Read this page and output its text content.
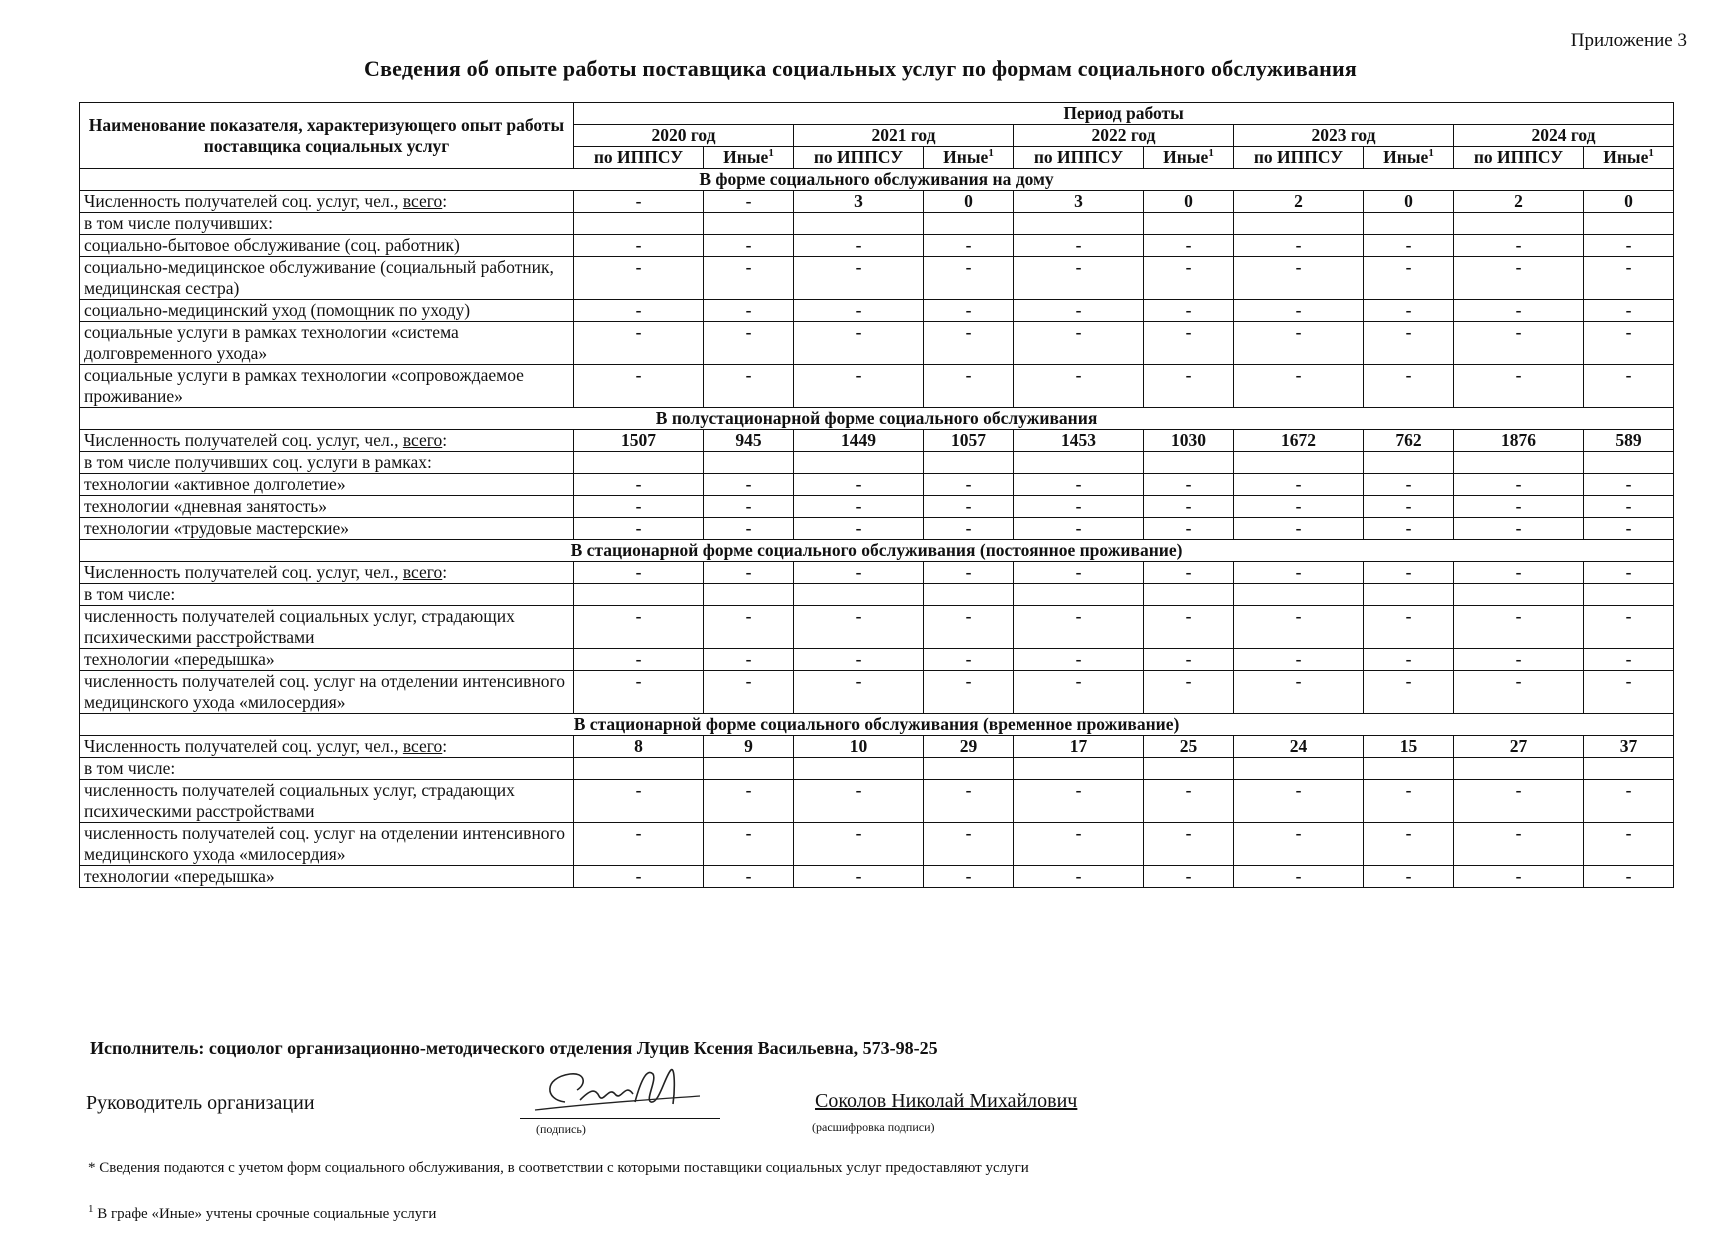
Приложение 3
Сведения об опыте работы поставщика социальных услуг по формам социального обслуживания
Наименование показателя, характеризующего опыт работы поставщика социальных услуг	Период работы									
	2020 год		2021 год		2022 год		2023 год		2024 год	
	по ИППСУ	Иные$^1$	по ИППСУ	Иные$^1$	по ИППСУ	Иные$^1$	по ИППСУ	Иные$^1$	по ИППСУ	Иные$^1$
В форме социального обслуживания на дому										
Численность получателей соц. услуг, чел., всего:	-	-	3	0	3	0	2	0	2	0
в том числе получивших:										
социально-бытовое обслуживание (соц. работник)	-	-	-	-	-	-	-	-	-	-
социально-медицинское обслуживание (социальный работник, медицинская сестра)	-	-	-	-	-	-	-	-	-	-
социально-медицинский уход (помощник по уходу)	-	-	-	-	-	-	-	-	-	-
социальные услуги в рамках технологии «система долговременного ухода»	-	-	-	-	-	-	-	-	-	-
социальные услуги в рамках технологии «сопровождаемое проживание»	-	-	-	-	-	-	-	-	-	-
В полустационарной форме социального обслуживания										
Численность получателей соц. услуг, чел., всего:	1507	945	1449	1057	1453	1030	1672	762	1876	589
в том числе получивших соц. услуги в рамках:										
технологии «активное долголетие»	-	-	-	-	-	-	-	-	-	-
технологии «дневная занятость»	-	-	-	-	-	-	-	-	-	-
технологии «трудовые мастерские»	-	-	-	-	-	-	-	-	-	-
В стационарной форме социального обслуживания (постоянное проживание)										
Численность получателей соц. услуг, чел., всего:	-	-	-	-	-	-	-	-	-	-
в том числе:										
численность получателей социальных услуг, страдающих психическими расстройствами	-	-	-	-	-	-	-	-	-	-
технологии «передышка»	-	-	-	-	-	-	-	-	-	-
численность получателей соц. услуг на отделении интенсивного медицинского ухода «милосердия»	-	-	-	-	-	-	-	-	-	-
В стационарной форме социального обслуживания (временное проживание)										
Численность получателей соц. услуг, чел., всего:	8	9	10	29	17	25	24	15	27	37
в том числе:										
численность получателей социальных услуг, страдающих психическими расстройствами	-	-	-	-	-	-	-	-	-	-
численность получателей соц. услуг на отделении интенсивного медицинского ухода «милосердия»	-	-	-	-	-	-	-	-	-	-
технологии «передышка»	-	-	-	-	-	-	-	-	-	-
Исполнитель: социолог организационно-методического отделения Луцив Ксения Васильевна, 573-98-25
Руководитель организации
(подпись)
Соколов Николай Михайлович
(расшифровка подписи)
* Сведения подаются с учетом форм социального обслуживания, в соответствии с которыми поставщики социальных услуг предоставляют услуги
$^1$ В графе «Иные» учтены срочные социальные услуги
